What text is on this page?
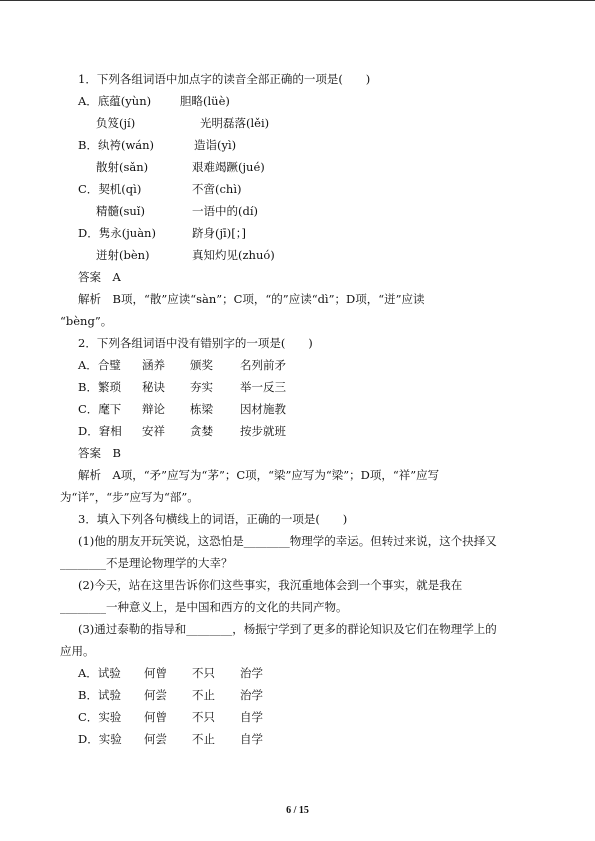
1．下列各组词语中加点字的读音全部正确的一项是(　　)
A．底蕴(yùn)	胆略(lüè)
负笈(jí)	光明磊落(lěi)
B．纨袴(wán)	造诣(yì)
散射(sǎn)	艰难竭蹶(jué)
C．契机(qì)	不啻(chì)
精髓(suǐ)	一语中的(dí)
D．隽永(juàn)	跻身(jī)[；]
迸射(bèn)	真知灼见(zhuó)
答案　A
解析　B项，“散”应读“sàn”；C项，“的”应读“dì”；D项，“迸”应读
“bèng”。
2．下列各组词语中没有错别字的一项是(　　)
A．合璧 涵养 颁奖 名列前矛
B．繁琐 秘诀 夯实 举一反三
C．麾下 辩论 栋梁 因材施教
D．窘相 安祥 贪婪 按步就班
答案　B
解析　A项，“矛”应写为“茅”；C项，“梁”应写为“梁”；D项，“祥”应写
为“详”，“步”应写为“部”。
3．填入下列各句横线上的词语，正确的一项是(　　)
(1)他的朋友开玩笑说，这恐怕是________物理学的幸运。但转过来说，这个抉择又
________不是理论物理学的大幸？
(2)今天，站在这里告诉你们这些事实，我沉重地体会到一个事实，就是我在
________一种意义上，是中国和西方的文化的共同产物。
(3)通过泰勒的指导和________，杨振宁学到了更多的群论知识及它们在物理学上的
应用。
A．试验 何曾 不只 治学
B．试验 何尝 不止 治学
C．实验 何曾 不只 自学
D．实验 何尝 不止 自学
6 / 15
